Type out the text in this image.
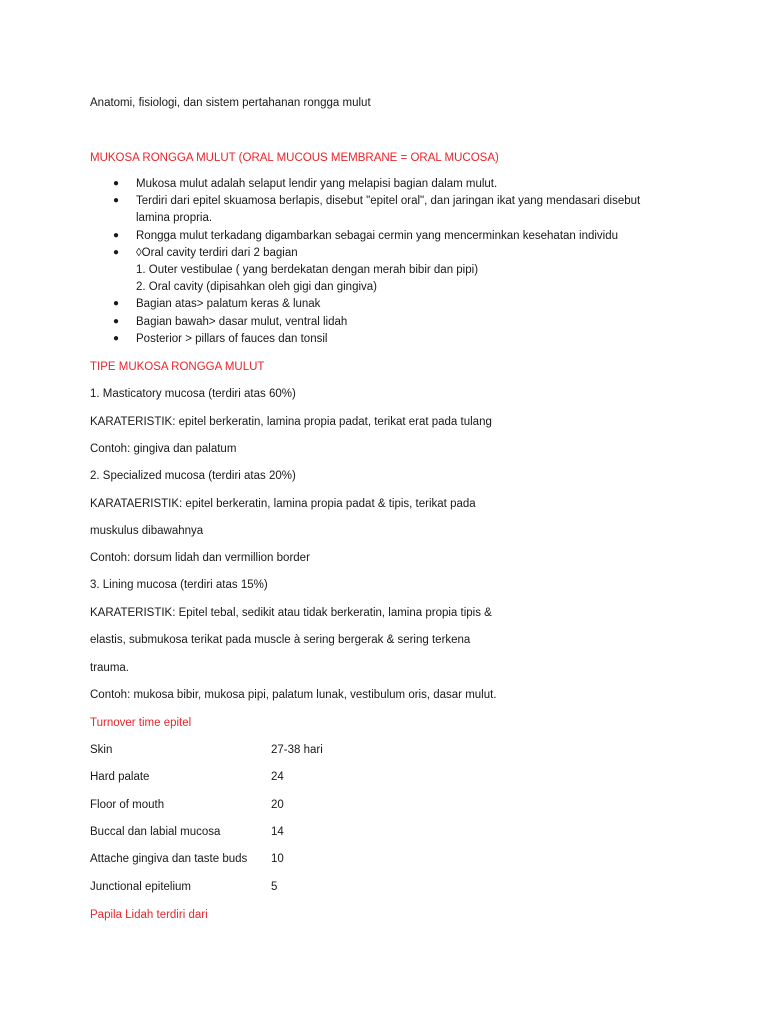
Anatomi, fisiologi, dan sistem pertahanan rongga mulut
MUKOSA RONGGA MULUT (ORAL MUCOUS MEMBRANE = ORAL MUCOSA)
● Mukosa mulut adalah selaput lendir yang melapisi bagian dalam mulut.
● Terdiri dari epitel skuamosa berlapis, disebut "epitel oral", dan jaringan ikat yang mendasari disebut
lamina propria.
● Rongga mulut terkadang digambarkan sebagai cermin yang mencerminkan kesehatan individu
● ◊Oral cavity terdiri dari 2 bagian
1. Outer vestibulae ( yang berdekatan dengan merah bibir dan pipi)
2. Oral cavity (dipisahkan oleh gigi dan gingiva)
● Bagian atas> palatum keras & lunak
● Bagian bawah> dasar mulut, ventral lidah
● Posterior > pillars of fauces dan tonsil
TIPE MUKOSA RONGGA MULUT
1. Masticatory mucosa (terdiri atas 60%)
KARATERISTIK: epitel berkeratin, lamina propia padat, terikat erat pada tulang
Contoh: gingiva dan palatum
2. Specialized mucosa (terdiri atas 20%)
KARATAERISTIK: epitel berkeratin, lamina propia padat & tipis, terikat pada
muskulus dibawahnya
Contoh: dorsum lidah dan vermillion border
3. Lining mucosa (terdiri atas 15%)
KARATERISTIK: Epitel tebal, sedikit atau tidak berkeratin, lamina propia tipis &
elastis, submukosa terikat pada muscle à sering bergerak & sering terkena
trauma.
Contoh: mukosa bibir, mukosa pipi, palatum lunak, vestibulum oris, dasar mulut.
Turnover time epitel
Skin	27-38 hari
Hard palate	24
Floor of mouth	20
Buccal dan labial mucosa	14
Attache gingiva dan taste buds 10
Junctional epitelium	5
Papila Lidah terdiri dari
